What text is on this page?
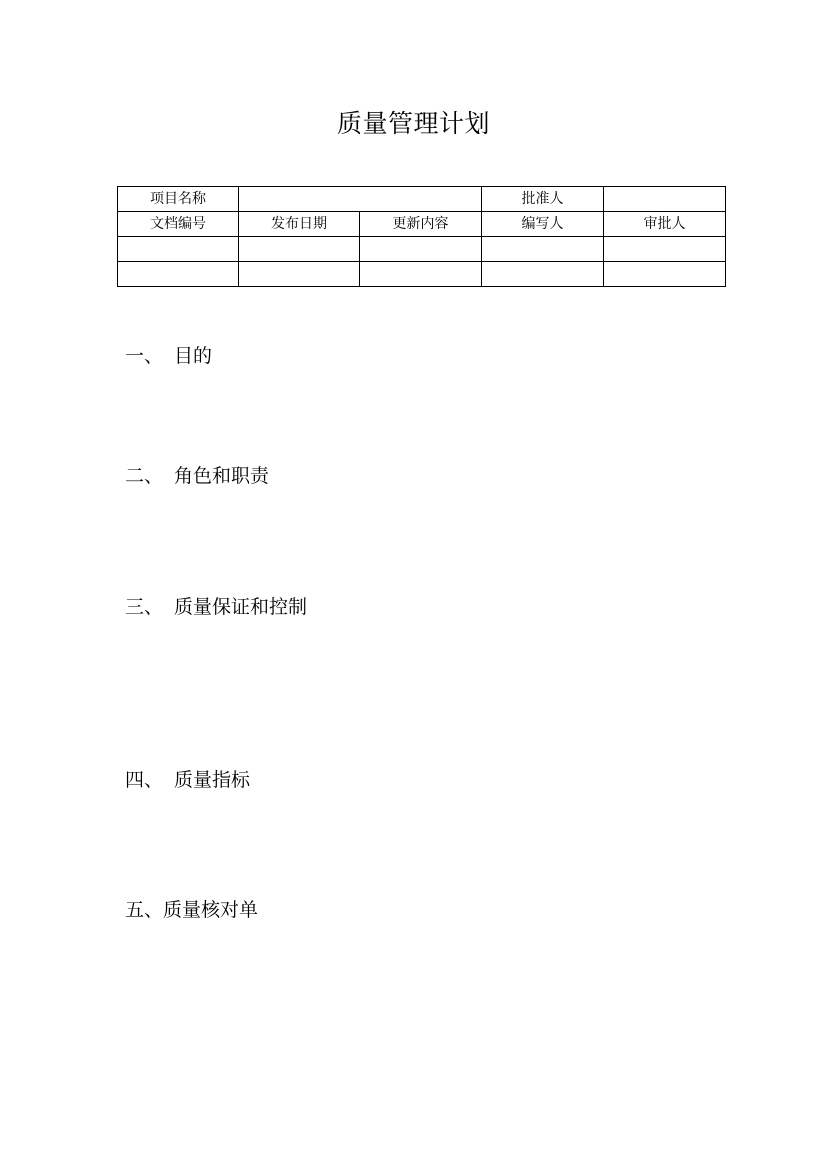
质量管理计划
项目名称			批准人	
文档编号	发布日期	更新内容	编写人	审批人

一、 目的
二、 角色和职责
三、 质量保证和控制
四、 质量指标
五、质量核对单
